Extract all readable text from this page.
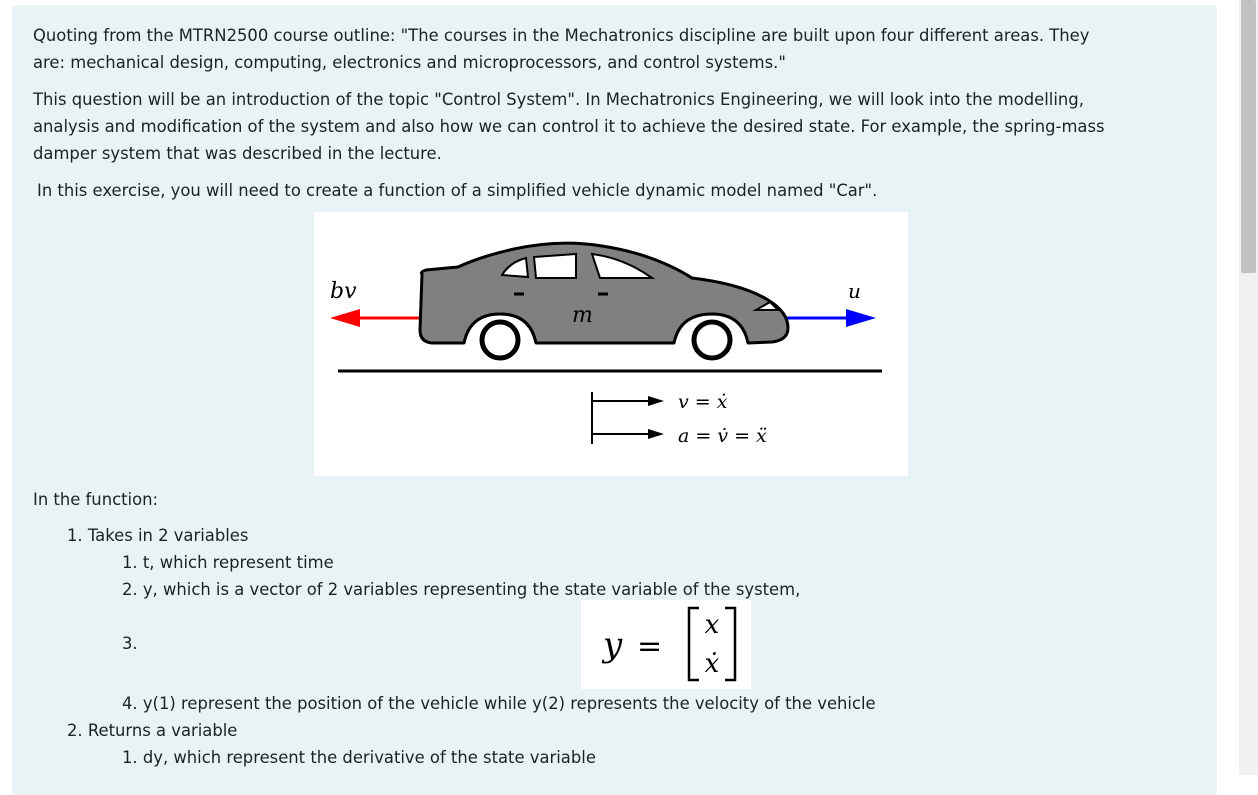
Quoting from the MTRN2500 course outline: "The courses in the Mechatronics discipline are built upon four different areas. They
are: mechanical design, computing, electronics and microprocessors, and control systems."

This question will be an introduction of the topic "Control System". In Mechatronics Engineering, we will look into the modelling,
analysis and modification of the system and also how we can control it to achieve the desired state. For example, the spring-mass
damper system that was described in the lecture.

In this exercise, you will need to create a function of a simplified vehicle dynamic model named "Car".

bv
m
u
v = ẋ
a = v̇ = ẍ
In the function:
1. Takes in 2 variables
1. t, which represent time
2. y, which is a vector of 2 variables representing the state variable of the system,
3.	y =
x
ẋ
4. y(1) represent the position of the vehicle while y(2) represents the velocity of the vehicle
2. Returns a variable
1. dy, which represent the derivative of the state variable
